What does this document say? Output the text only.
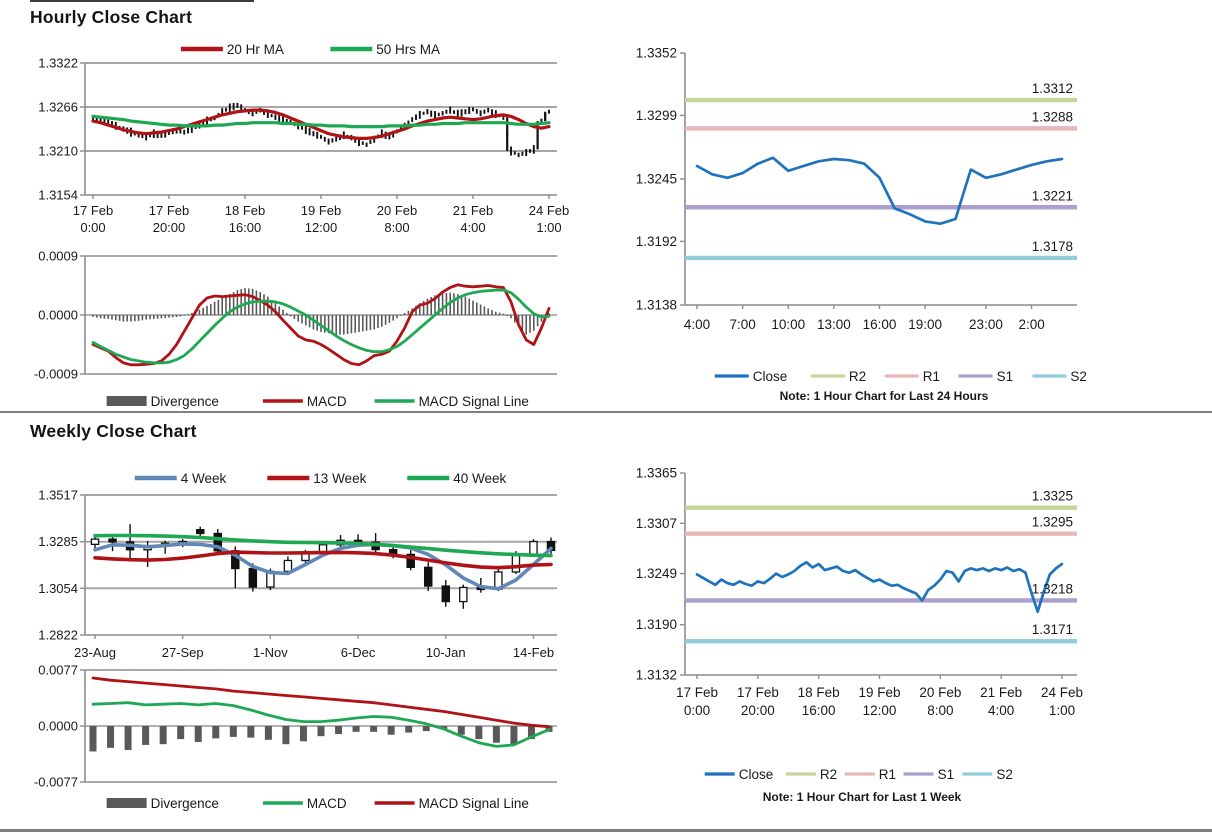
Hourly Close Chart
Weekly Close Chart
1.3322
1.3266
1.3210
1.3154
17 Feb
0:00
17 Feb
20:00
18 Feb
16:00
19 Feb
12:00
20 Feb
8:00
21 Feb
4:00
24 Feb
1:00
20 Hr MA	50 Hrs MA
0.0009
0.0000
-0.0009
Divergence	MACD	MACD Signal Line
1.3352
1.3299
1.3245
1.3192
1.3138
4:00 7:00 10:00 13:00 16:00 19:00 23:00 2:00
1.3312
1.3288
1.3221
1.3178
Close	R2	R1	S1	S2
Note: 1 Hour Chart for Last 24 Hours
1.3517
1.3285
1.3054
1.2822
23-Aug	27-Sep	1-Nov	6-Dec	10-Jan	14-Feb
4 Week	13 Week	40 Week
0.0077
0.0000
-0.0077
Divergence	MACD	MACD Signal Line
1.3365
1.3307
1.3249
1.3190
1.3132
17 Feb
0:00
17 Feb
20:00
18 Feb
16:00
19 Feb
12:00
20 Feb
8:00
21 Feb
4:00
24 Feb
1:00
1.3325
1.3295
1.3218
1.3171
Close	R2	R1	S1	S2
Note: 1 Hour Chart for Last 1 Week
